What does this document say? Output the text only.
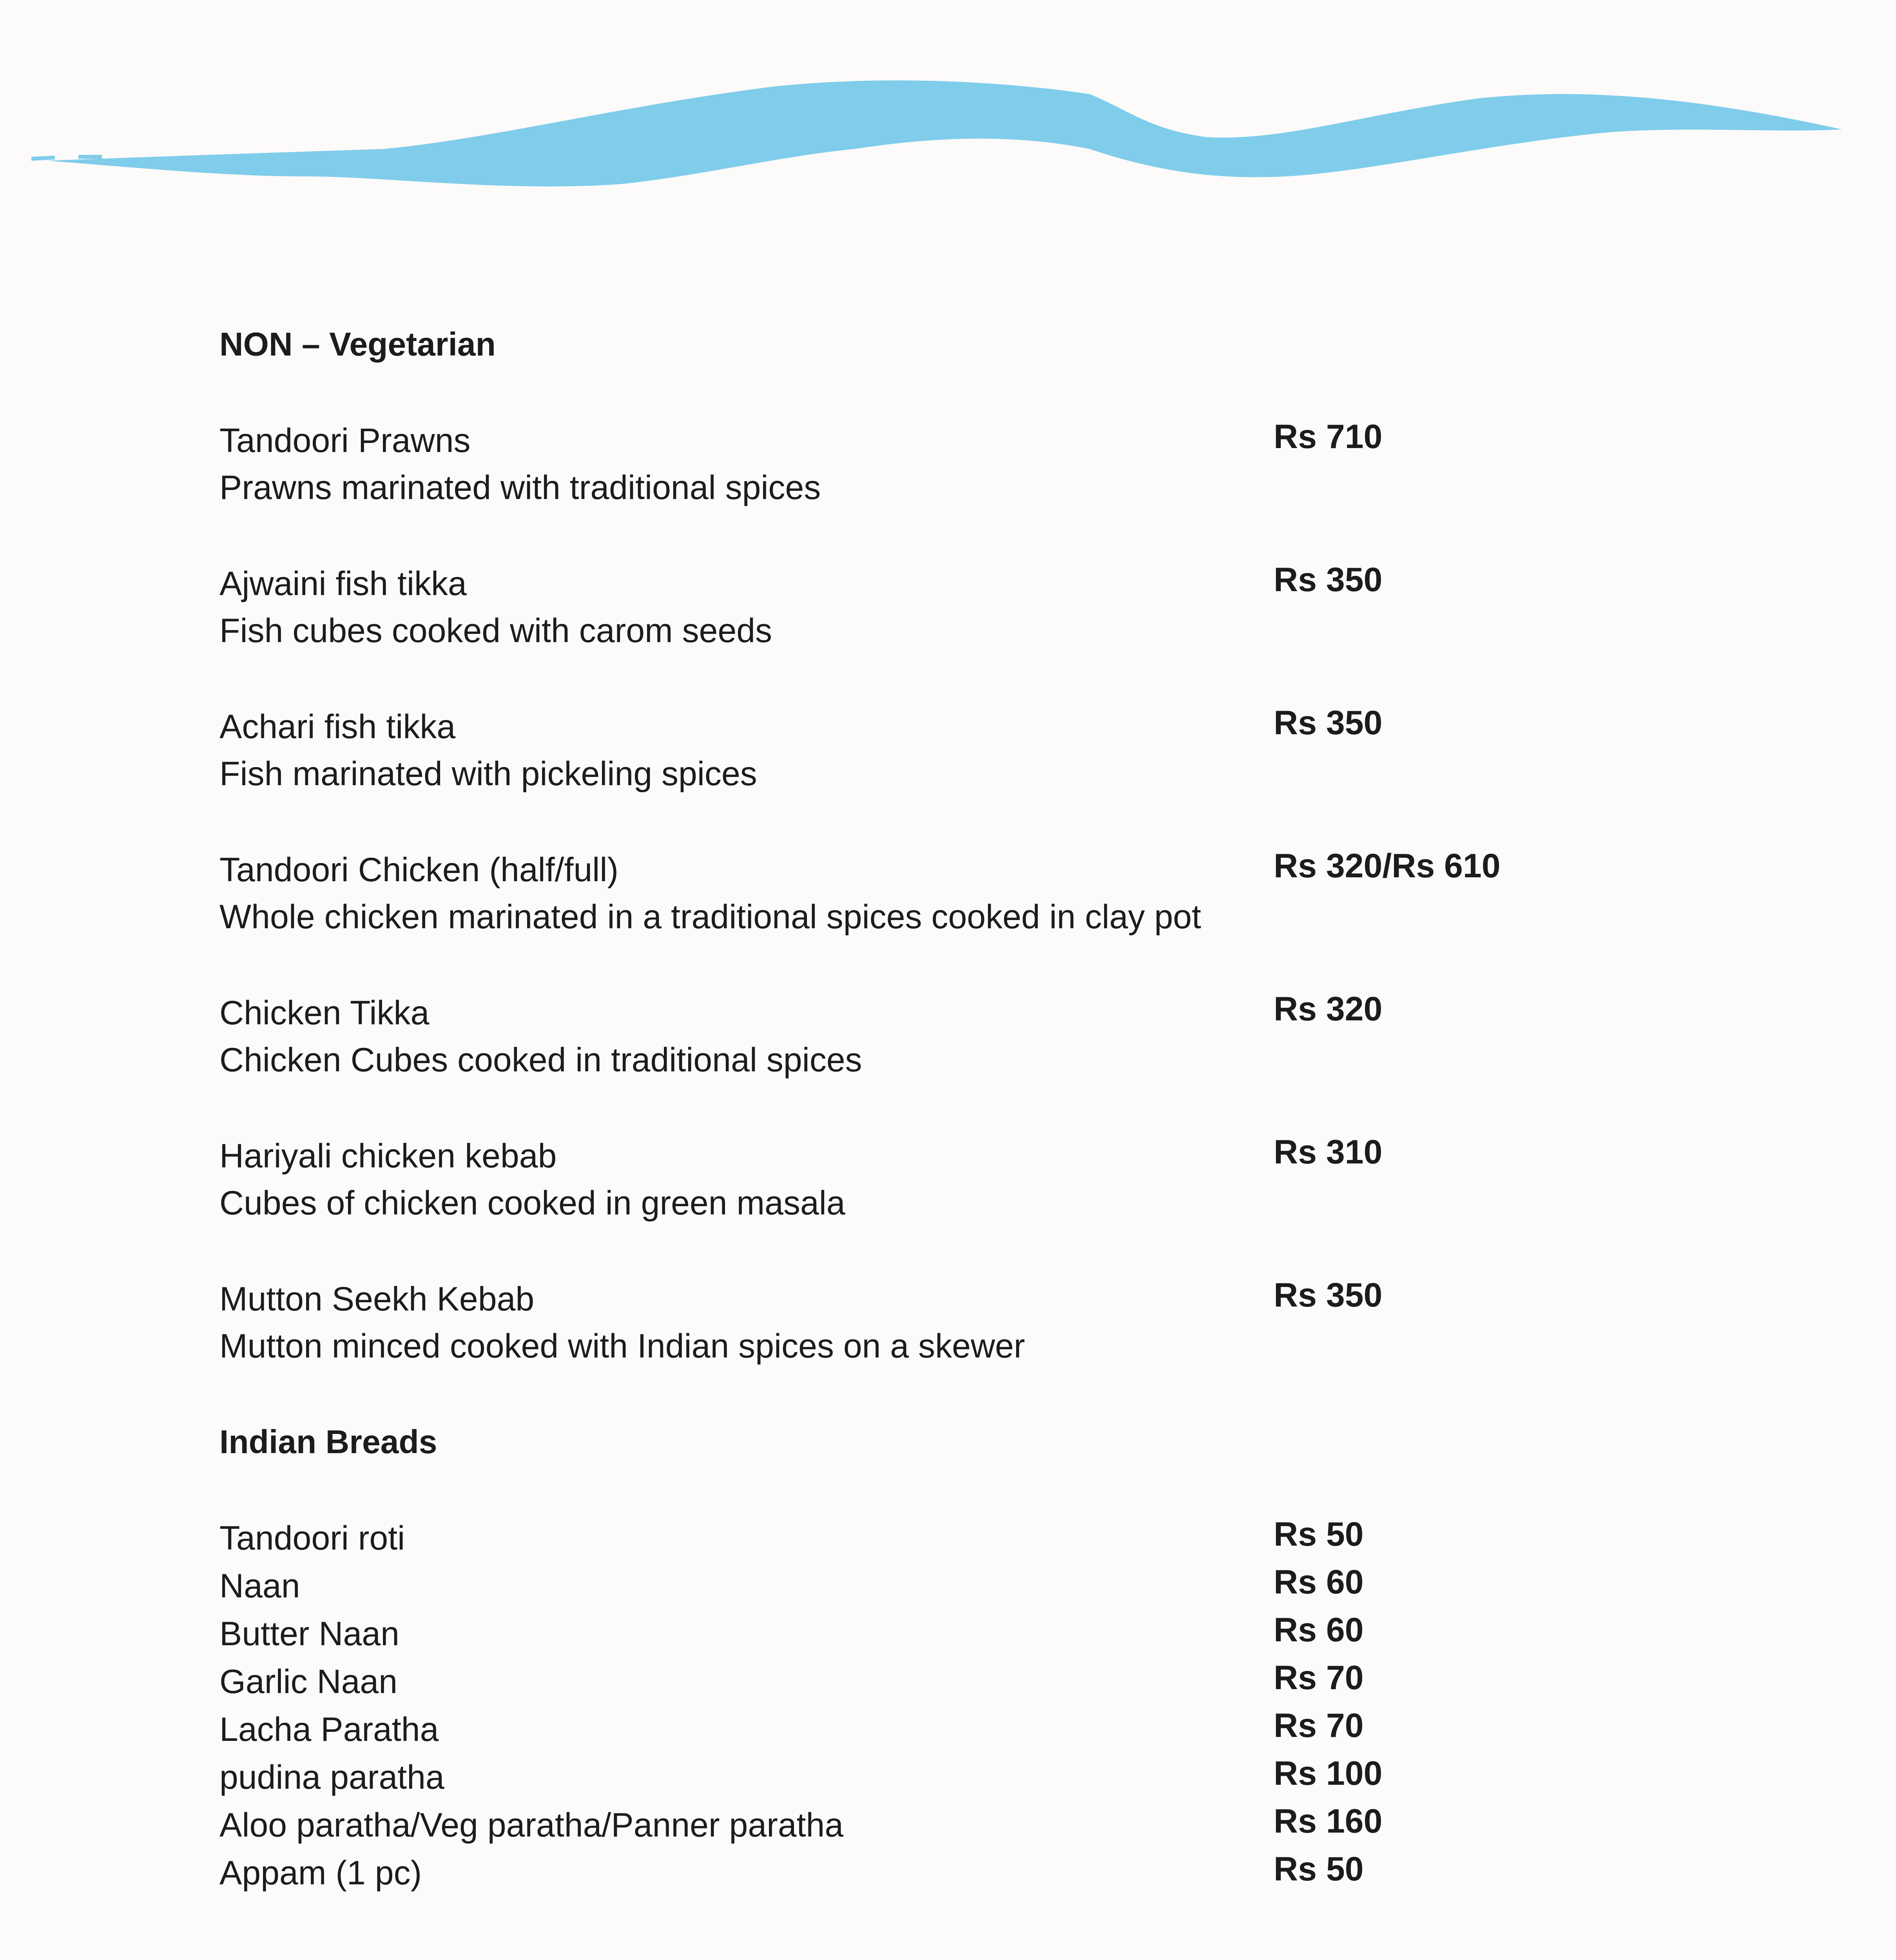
NON – Vegetarian
Tandoori Prawns	Rs 710
Prawns marinated with traditional spices
Ajwaini fish tikka	Rs 350
Fish cubes cooked with carom seeds
Achari fish tikka	Rs 350
Fish marinated with pickeling spices
Tandoori Chicken (half/full)	Rs 320/Rs 610
Whole chicken marinated in a traditional spices cooked in clay pot
Chicken Tikka	Rs 320
Chicken Cubes cooked in traditional spices
Hariyali chicken kebab	Rs 310
Cubes of chicken cooked in green masala
Mutton Seekh Kebab	Rs 350
Mutton minced cooked with Indian spices on a skewer
Indian Breads
Tandoori roti	Rs 50
Naan	Rs 60
Butter Naan	Rs 60
Garlic Naan	Rs 70
Lacha Paratha	Rs 70
pudina paratha	Rs 100
Aloo paratha/Veg paratha/Panner paratha	Rs 160
Appam (1 pc)	Rs 50
